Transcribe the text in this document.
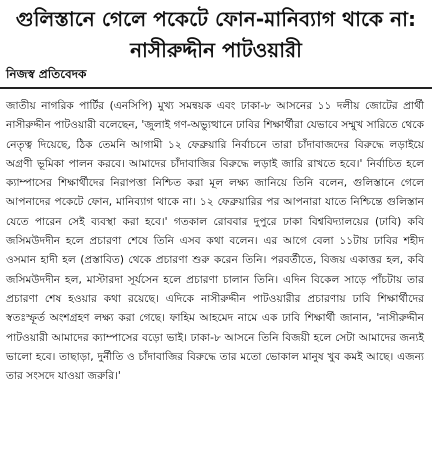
গুলিস্তানে গেলে পকেটে ফোন-মানিব্যাগ থাকে না: নাসীরুদ্দীন পাটওয়ারী
নিজস্ব প্রতিবেদক
জাতীয় নাগরিক পার্টির (এনসিপি) মুখ্য সমন্বয়ক এবং ঢাকা-৮ আসনের ১১ দলীয় জোটের প্রার্থী নাসীরুদ্দীন পাটওয়ারী বলেছেন, 'জুলাই গণ-অভ্যুত্থানে ঢাবির শিক্ষার্থীরা যেভাবে সম্মুখ সারিতে থেকে নেতৃত্ব দিয়েছে, ঠিক তেমনি আগামী ১২ ফেব্রুয়ারি নির্বাচনে তারা চাঁদাবাজদের বিরুদ্ধে লড়াইয়ে অগ্রণী ভূমিকা পালন করবে। আমাদের চাঁদাবাজির বিরুদ্ধে লড়াই জারি রাখতে হবে।' নির্বাচিত হলে ক্যাম্পাসের শিক্ষার্থীদের নিরাপত্তা নিশ্চিত করা মূল লক্ষ্য জানিয়ে তিনি বলেন, গুলিস্তানে গেলে আপনাদের পকেটে ফোন, মানিব্যাগ থাকে না। ১২ ফেব্রুয়ারির পর আপনারা যাতে নিশ্চিন্তে গুলিস্তান যেতে পারেন সেই ব্যবস্থা করা হবে।' গতকাল রোববার দুপুরে ঢাকা বিশ্ববিদ্যালয়ের (ঢাবি) কবি জসিমউদদীন হলে প্রচারণা শেষে তিনি এসব কথা বলেন। এর আগে বেলা ১১টায় ঢাবির শহীদ ওসমান হাদী হল (প্রস্তাবিত) থেকে প্রচারণা শুরু করেন তিনি। পরবর্তীতে, বিজয় একাত্তর হল, কবি জসিমউদদীন হল, মাস্টারদা সূর্যসেন হলে প্রচারণা চালান তিনি। এদিন বিকেল সাড়ে পাঁচটায় তার প্রচারণা শেষ হওয়ার কথা রয়েছে। এদিকে নাসীরুদ্দীন পাটওয়ারীর প্রচারণায় ঢাবি শিক্ষার্থীদের স্বতঃস্ফূর্ত অংশগ্রহণ লক্ষ্য করা গেছে। ফাহিম আহমেদ নামে এক ঢাবি শিক্ষার্থী জানান, 'নাসীরুদ্দীন পাটওয়ারী আমাদের ক্যাম্পাসের বড়ো ভাই। ঢাকা-৮ আসনে তিনি বিজয়ী হলে সেটা আমাদের জন্যই ভালো হবে। তাছাড়া, দুর্নীতি ও চাঁদাবাজির বিরুদ্ধে তার মতো ভোকাল মানুষ খুব কমই আছে। এজন্য তার সংসদে যাওয়া জরুরি।'
